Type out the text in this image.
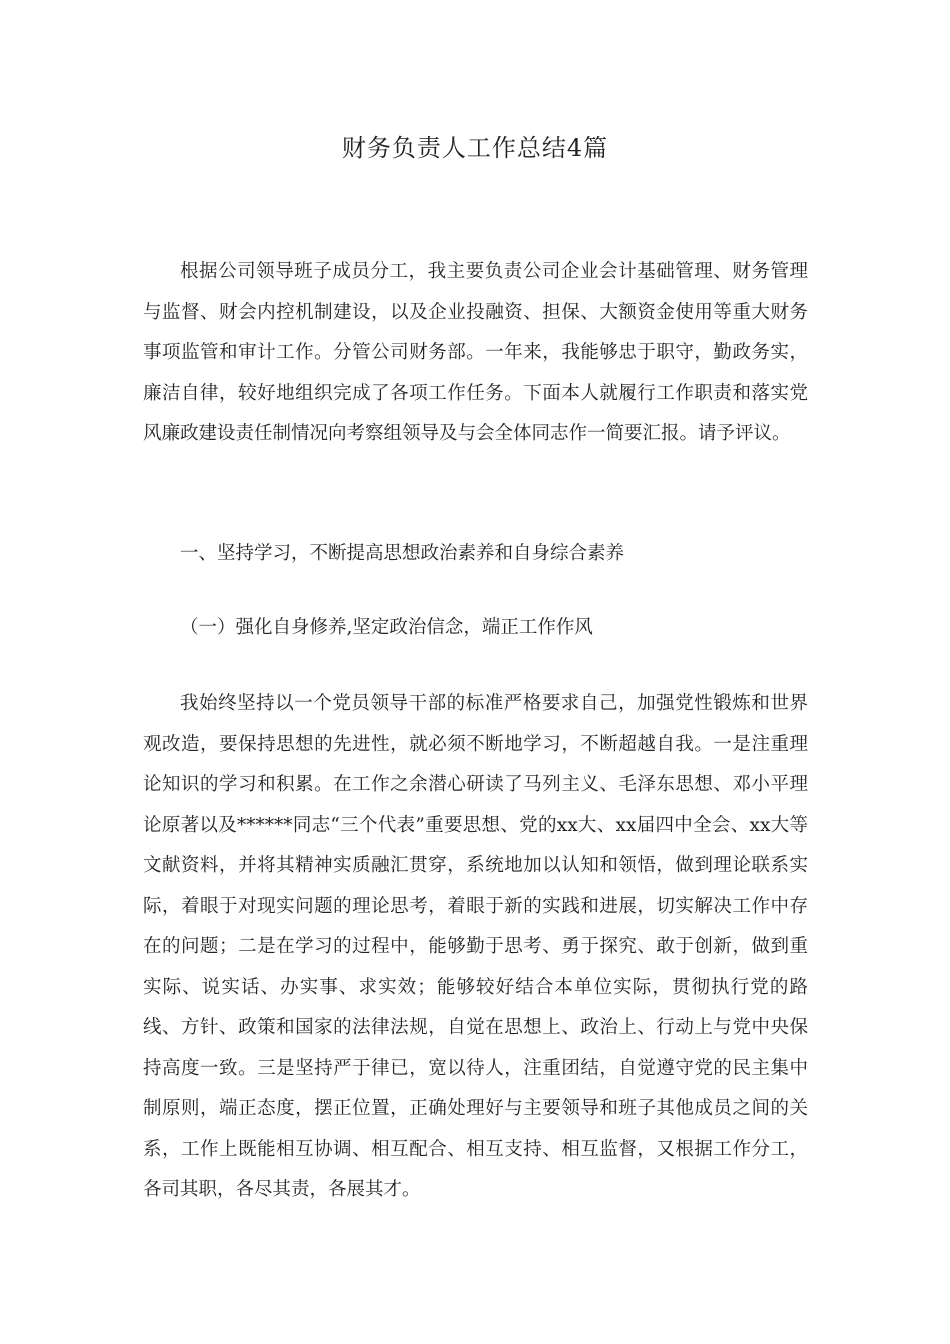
财务负责人工作总结4篇

根据公司领导班子成员分工，我主要负责公司企业会计基础管理、财务管理与监督、财会内控机制建设，以及企业投融资、担保、大额资金使用等重大财务事项监管和审计工作。分管公司财务部。一年来，我能够忠于职守，勤政务实，廉洁自律，较好地组织完成了各项工作任务。下面本人就履行工作职责和落实党风廉政建设责任制情况向考察组领导及与会全体同志作一简要汇报。请予评议。

一、坚持学习，不断提高思想政治素养和自身综合素养

（一）强化自身修养,坚定政治信念，端正工作作风

我始终坚持以一个党员领导干部的标准严格要求自己，加强党性锻炼和世界观改造，要保持思想的先进性，就必须不断地学习，不断超越自我。一是注重理论知识的学习和积累。在工作之余潜心研读了马列主义、毛泽东思想、邓小平理论原著以及******同志“三个代表”重要思想、党的xx大、xx届四中全会、xx大等文献资料，并将其精神实质融汇贯穿，系统地加以认知和领悟，做到理论联系实际，着眼于对现实问题的理论思考，着眼于新的实践和进展，切实解决工作中存在的问题；二是在学习的过程中，能够勤于思考、勇于探究、敢于创新，做到重实际、说实话、办实事、求实效；能够较好结合本单位实际，贯彻执行党的路线、方针、政策和国家的法律法规，自觉在思想上、政治上、行动上与党中央保持高度一致。三是坚持严于律已，宽以待人，注重团结，自觉遵守党的民主集中制原则，端正态度，摆正位置，正确处理好与主要领导和班子其他成员之间的关系，工作上既能相互协调、相互配合、相互支持、相互监督，又根据工作分工，各司其职，各尽其责，各展其才。
